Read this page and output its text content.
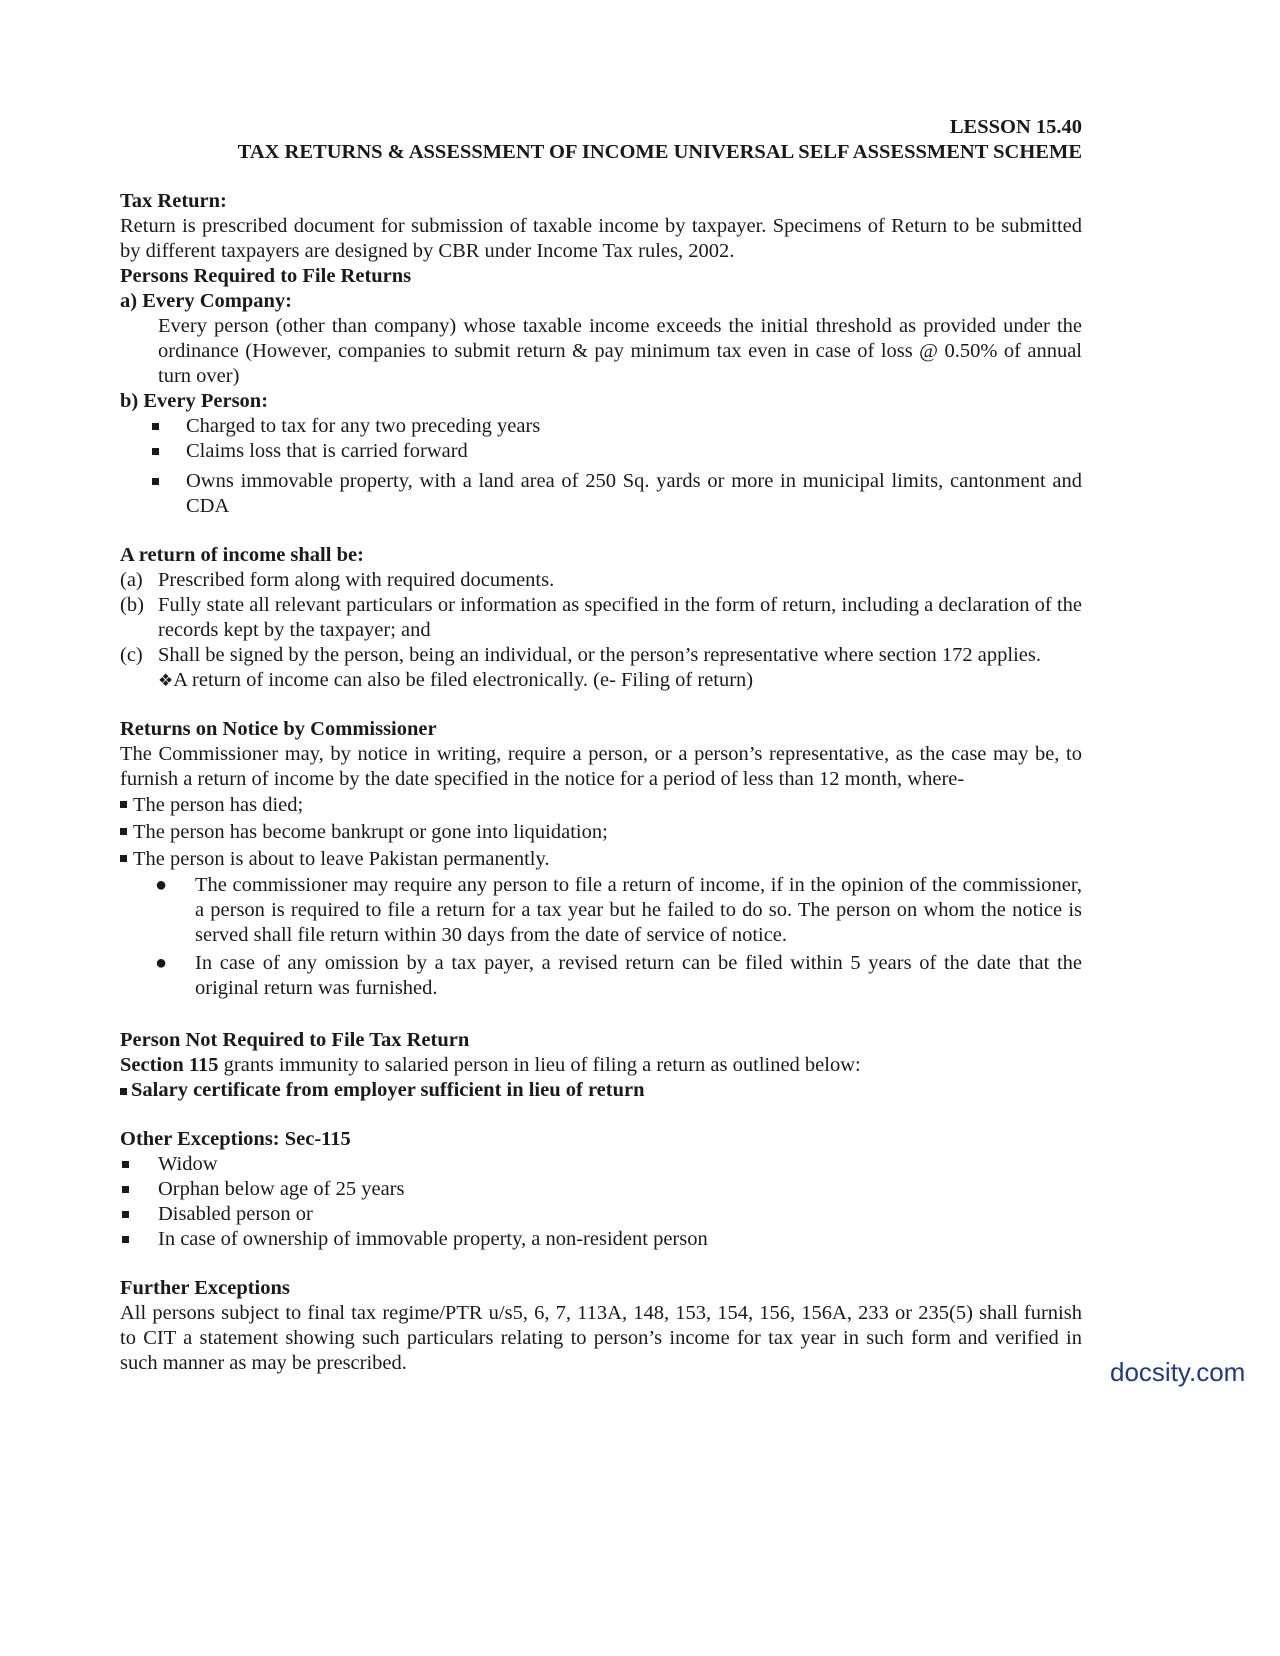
LESSON 15.40

TAX RETURNS & ASSESSMENT OF INCOME UNIVERSAL SELF ASSESSMENT SCHEME

Tax Return:

Return is prescribed document for submission of taxable income by taxpayer. Specimens of Return to be submitted by different taxpayers are designed by CBR under Income Tax rules, 2002.

Persons Required to File Returns

a) Every Company:

Every person (other than company) whose taxable income exceeds the initial threshold as provided under the ordinance (However, companies to submit return & pay minimum tax even in case of loss @ 0.50% of annual turn over)

b) Every Person:

Charged to tax for any two preceding years
Claims loss that is carried forward
Owns immovable property, with a land area of 250 Sq. yards or more in municipal limits, cantonment and CDA

A return of income shall be:

(a) Prescribed form along with required documents.
(b) Fully state all relevant particulars or information as specified in the form of return, including a declaration of the records kept by the taxpayer; and
(c) Shall be signed by the person, being an individual, or the person’s representative where section 172 applies.

❖A return of income can also be filed electronically. (e- Filing of return)

Returns on Notice by Commissioner

The Commissioner may, by notice in writing, require a person, or a person’s representative, as the case may be, to furnish a return of income by the date specified in the notice for a period of less than 12 month, where-

The person has died;
The person has become bankrupt or gone into liquidation;
The person is about to leave Pakistan permanently.
● The commissioner may require any person to file a return of income, if in the opinion of the commissioner, a person is required to file a return for a tax year but he failed to do so. The person on whom the notice is served shall file return within 30 days from the date of service of notice.
● In case of any omission by a tax payer, a revised return can be filed within 5 years of the date that the original return was furnished.

Person Not Required to File Tax Return

Section 115 grants immunity to salaried person in lieu of filing a return as outlined below:

Salary certificate from employer sufficient in lieu of return

Other Exceptions: Sec-115

Widow
Orphan below age of 25 years
Disabled person or
In case of ownership of immovable property, a non-resident person

Further Exceptions

All persons subject to final tax regime/PTR u/s5, 6, 7, 113A, 148, 153, 154, 156, 156A, 233 or 235(5) shall furnish to CIT a statement showing such particulars relating to person’s income for tax year in such form and verified in such manner as may be prescribed.	docsity.com
